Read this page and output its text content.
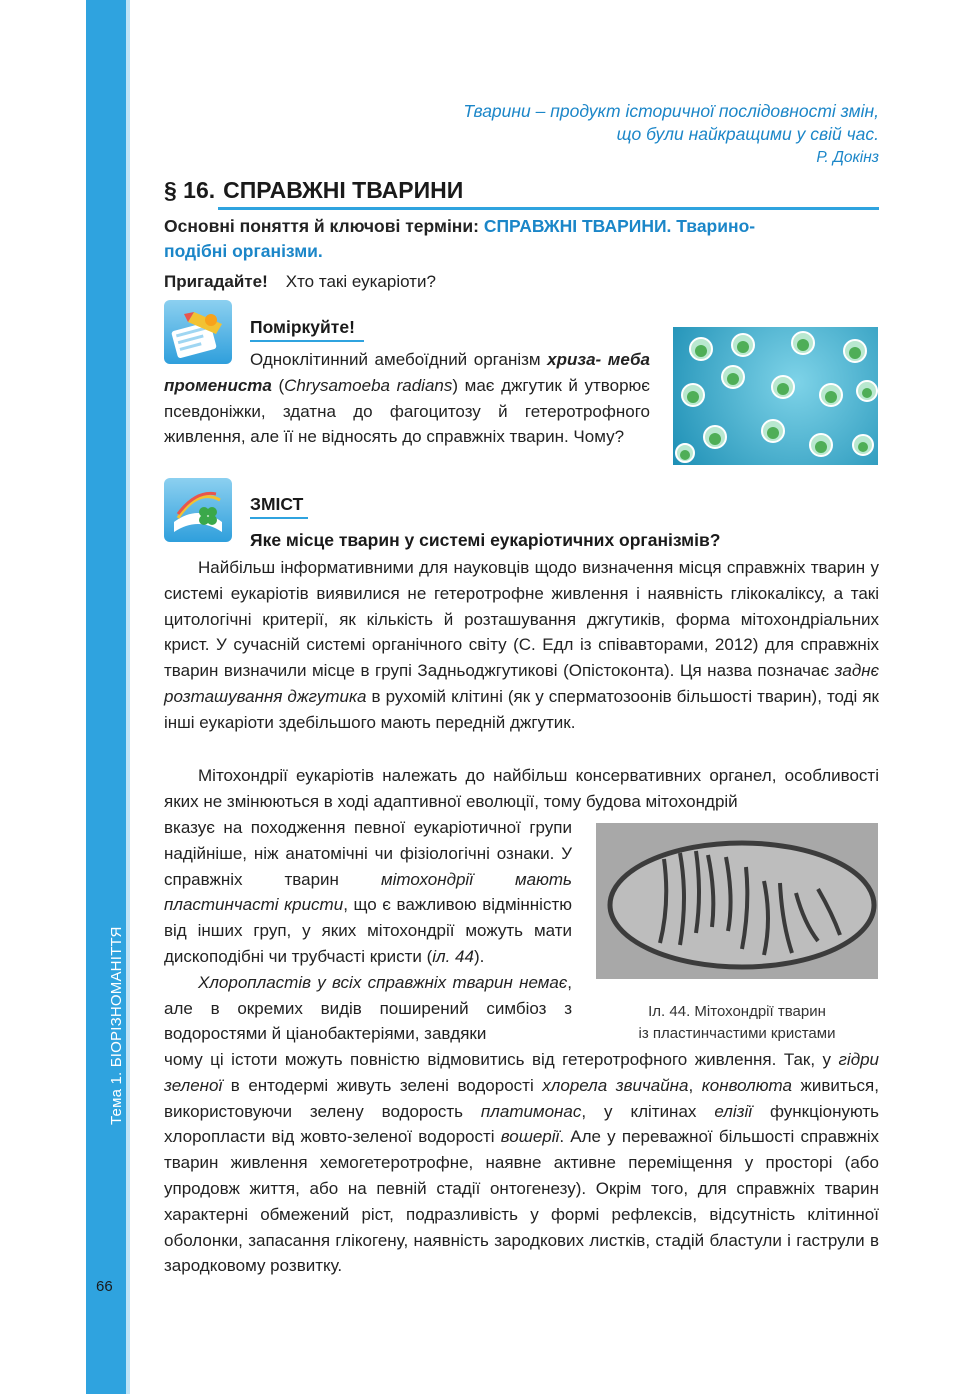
Тема 1. БІОРІЗНОМАНІТТЯ
66
Тварини – продукт історичної послідовності змін,
що були найкращими у свій час.
Р. Докінз
§ 16. СПРАВЖНІ ТВАРИНИ
Основні поняття й ключові терміни: СПРАВЖНІ ТВАРИНИ. Тварино-
подібні організми.
Пригадайте! Хто такі еукаріоти?
Поміркуйте!

Одноклітинний амебоїдний організм хриза- меба промениста (Chrysamoeba radians) має джгутик й утворює псевдоніжки, здатна до фагоцитозу й гетеротрофного живлення, але її не відносять до справжніх тварин. Чому?

ЗМІСТ
Яке місце тварин у системі еукаріотичних організмів?

Найбільш інформативними для науковців щодо визначення місця справжніх тварин у системі еукаріотів виявилися не гетеротрофне живлення і наявність глікокаліксу, а такі цитологічні критерії, як кількість й розташування джгутиків, форма мітохондріальних крист. У сучасній системі органічного світу (С. Едл із співавторами, 2012) для справжніх тварин визначили місце в групі Задньоджгутикові (Опістоконта). Ця назва позначає заднє розташування джгутика в рухомій клітині (як у сперматозоонів більшості тварин), тоді як інші еукаріоти здебільшого мають передній джгутик.

Мітохондрії еукаріотів належать до найбільш консервативних органел, особливості яких не змінюються в ході адаптивної еволюції, тому будова мітохондрій

вказує на походження певної еукаріотичної групи надійніше, ніж анатомічні чи фізіологічні ознаки. У справжніх тварин мітохондрії мають пластинчасті кристи, що є важливою відмінністю від інших груп, у яких мітохондрії можуть мати дископодібні чи трубчасті кристи (іл. 44).

Хлоропластів у всіх справжніх тварин немає, але в окремих видів поширений симбіоз з водоростями й ціанобактеріями, завдяки

Іл. 44. Мітохондрії тварин
із пластинчастими кристами

чому ці істоти можуть повністю відмовитись від гетеротрофного живлення. Так, у гідри зеленої в ентодермі живуть зелені водорості хлорела звичайна, конволюта живиться, використовуючи зелену водорость платимонас, у клітинах елізії функціонують хлоропласти від жовто-зеленої водорості вошерії. Але у переважної більшості справжніх тварин живлення хемогетеротрофне, наявне активне переміщення у просторі (або упродовж життя, або на певній стадії онтогенезу). Окрім того, для справжніх тварин характерні обмежений ріст, подразливість у формі рефлексів, відсутність клітинної оболонки, запасання глікогену, наявність зародкових листків, стадій бластули і гаструли в зародковому розвитку.
